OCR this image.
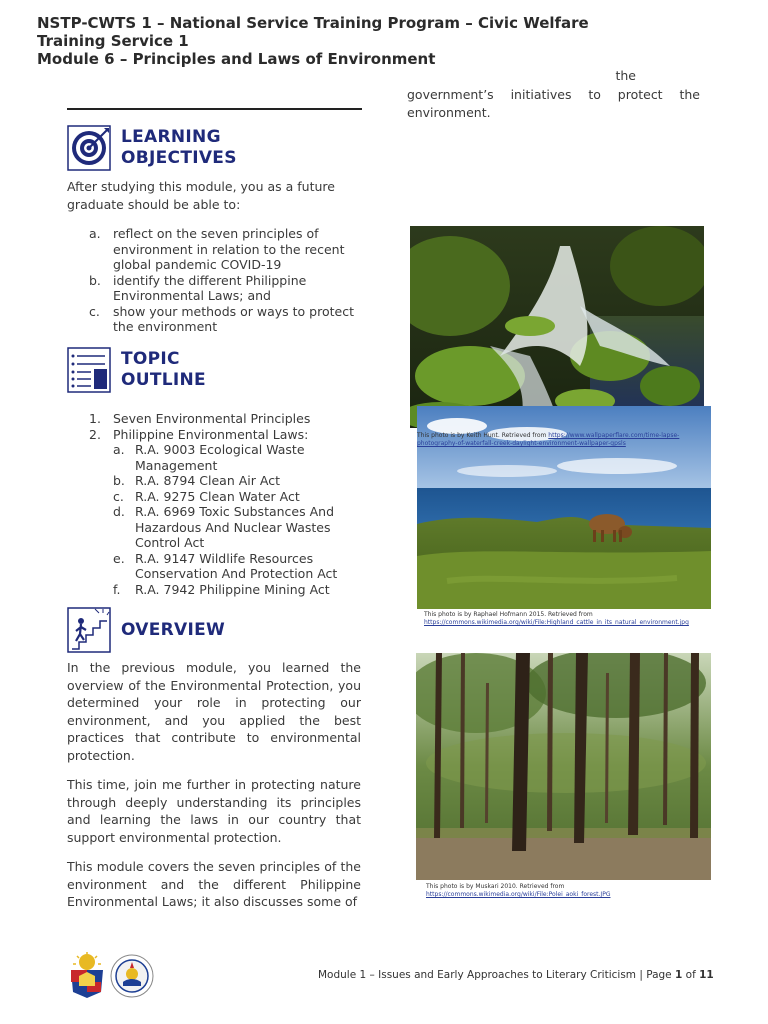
NSTP-CWTS 1 – National Service Training Program – Civic Welfare
Training Service 1
Module 6 – Principles and Laws of Environment
LEARNING
OBJECTIVES
After studying this module, you as a future graduate should be able to:
a. reflect on the seven principles of environment in relation to the recent global pandemic COVID-19
b. identify the different Philippine Environmental Laws; and
c.	show your methods or ways to protect the environment
TOPIC
OUTLINE
1. Seven Environmental Principles
2. Philippine Environmental Laws:
a. R.A. 9003 Ecological Waste Management
b. R.A. 8794 Clean Air Act
c. R.A. 9275 Clean Water Act
d. R.A. 6969 Toxic Substances And Hazardous And Nuclear Wastes Control Act
e. R.A. 9147 Wildlife Resources Conservation And Protection Act
f.	R.A. 7942 Philippine Mining Act
OVERVIEW
In the previous module, you learned the overview of the Environmental Protection, you determined your role in protecting our environment, and you applied the best practices that contribute to environmental protection.
This time, join me further in protecting nature through deeply understanding its principles and learning the laws in our country that support environmental protection.
This module covers the seven principles of the environment and the different Philippine Environmental Laws; it also discusses some of
the
government’s initiatives to protect the environment.
This photo is by Keith Hunt. Retrieved from https://www.wallpaperflare.com/time-lapse-photography-of-waterfall-creek-daylight-environment-wallpaper-gpsls
This photo is by Raphael Hofmann 2015. Retrieved from https://commons.wikimedia.org/wiki/File:Highland_cattle_in_its_natural_environment.jpg
This photo is by Muskari 2010. Retrieved from https://commons.wikimedia.org/wiki/File:Polei_aoki_forest.JPG
Module 1 – Issues and Early Approaches to Literary Criticism | Page 1 of 11
